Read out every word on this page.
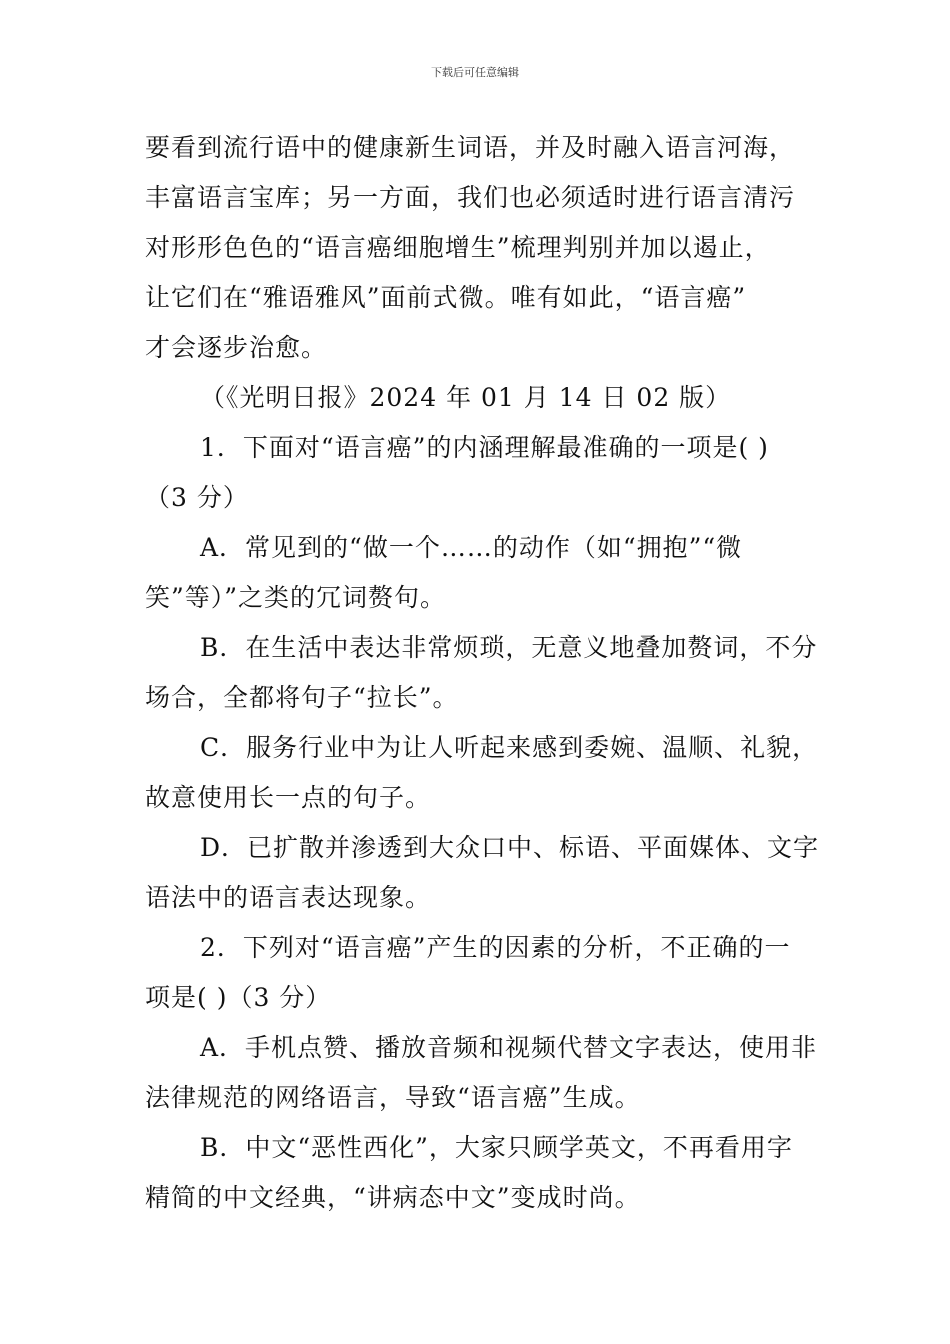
下载后可任意编辑
要看到流行语中的健康新生词语，并及时融入语言河海，
丰富语言宝库；另一方面，我们也必须适时进行语言清污
对形形色色的“语言癌细胞增生”梳理判别并加以遏止，
让它们在“雅语雅风”面前式微。唯有如此，“语言癌”
才会逐步治愈。
（《光明日报》2024 年 01 月 14 日 02 版）
1．下面对“语言癌”的内涵理解最准确的一项是( )
（3 分）
A．常见到的“做一个……的动作（如“拥抱”“微
笑”等）”之类的冗词赘句。
B．在生活中表达非常烦琐，无意义地叠加赘词，不分
场合，全都将句子“拉长”。
C．服务行业中为让人听起来感到委婉、温顺、礼貌，
故意使用长一点的句子。
D．已扩散并渗透到大众口中、标语、平面媒体、文字
语法中的语言表达现象。
2．下列对“语言癌”产生的因素的分析，不正确的一
项是( )（3 分）
A．手机点赞、播放音频和视频代替文字表达，使用非
法律规范的网络语言，导致“语言癌”生成。
B．中文“恶性西化”，大家只顾学英文，不再看用字
精简的中文经典，“讲病态中文”变成时尚。
